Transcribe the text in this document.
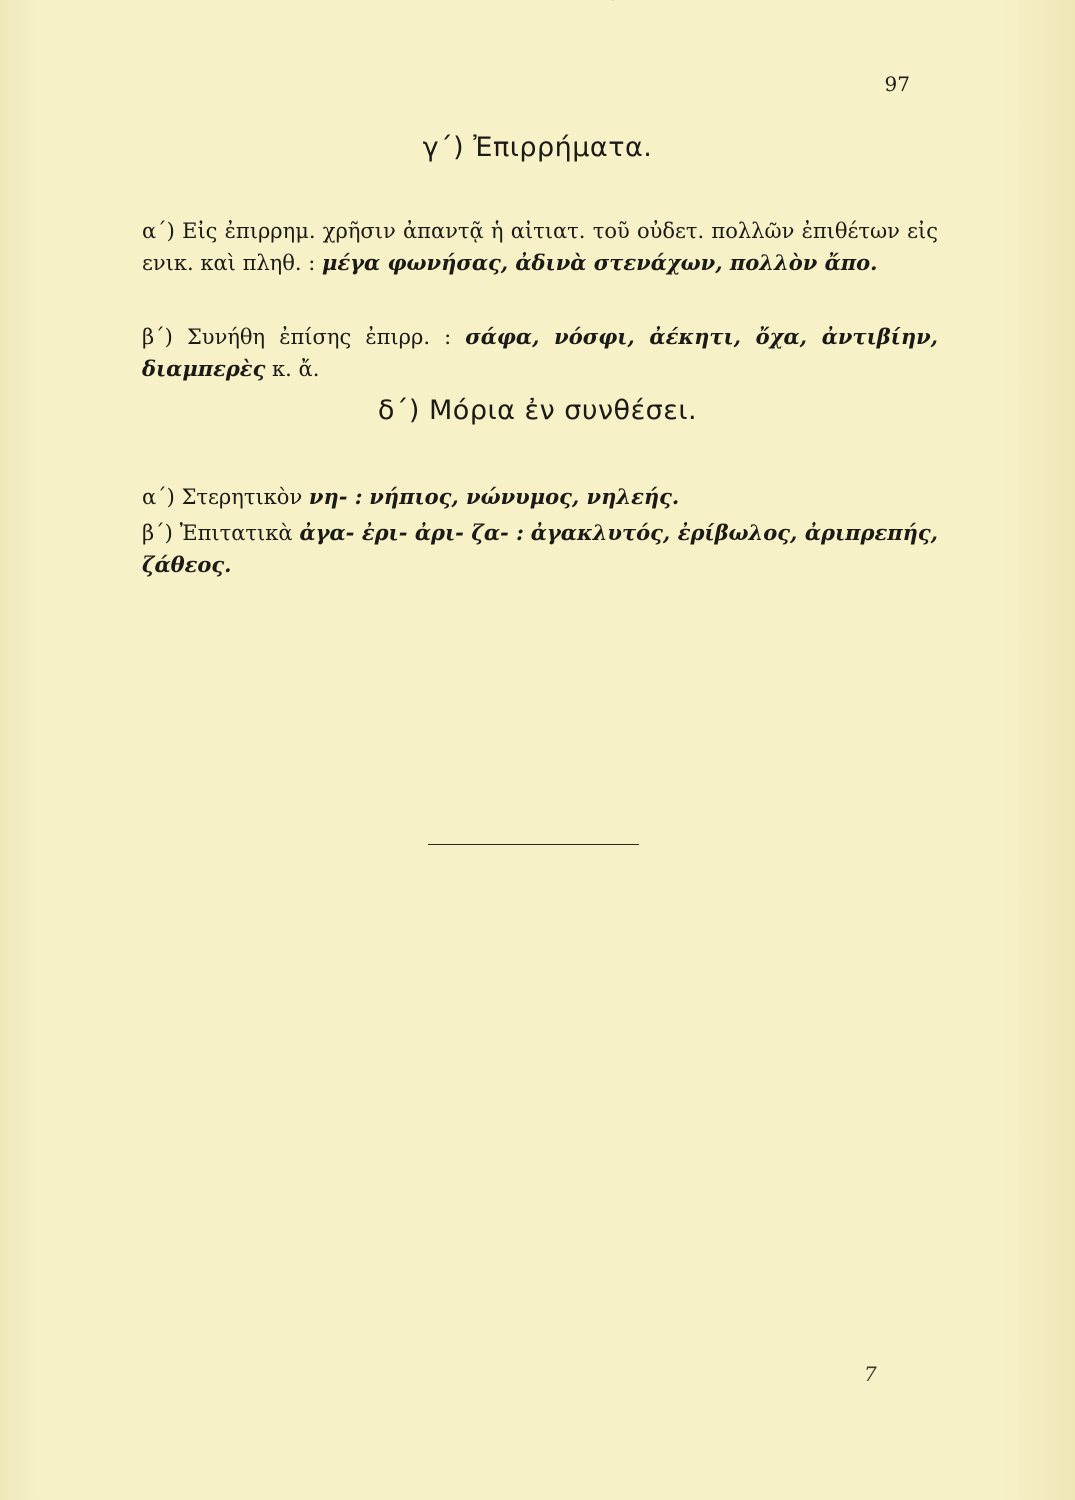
97
γ΄) Ἐπιρρήματα.

α΄) Εἰς ἐπιρρημ. χρῆσιν ἀπαντᾷ ἡ αἰτιατ. τοῦ οὐδετ. πολλῶν ἐπιθέτων εἰς ενικ. καὶ πληθ. : μέγα φωνήσας, ἀδινὰ στενάχων, πολλὸν ἄπο.

β΄) Συνήθη ἐπίσης ἐπιρρ. : σάφα, νόσφι, ἀέκητι, ὄχα, ἀντιβίην, διαμπερὲς κ. ἄ.

δ΄) Μόρια ἐν συνθέσει.

α΄) Στερητικὸν νη- : νήπιος, νώνυμος, νηλεής.

β΄) Ἐπιτατικὰ ἀγα- ἐρι- ἀρι- ζα- : ἀγακλυτός, ἐρίβωλος, ἀριπρεπής, ζάθεος.

7
